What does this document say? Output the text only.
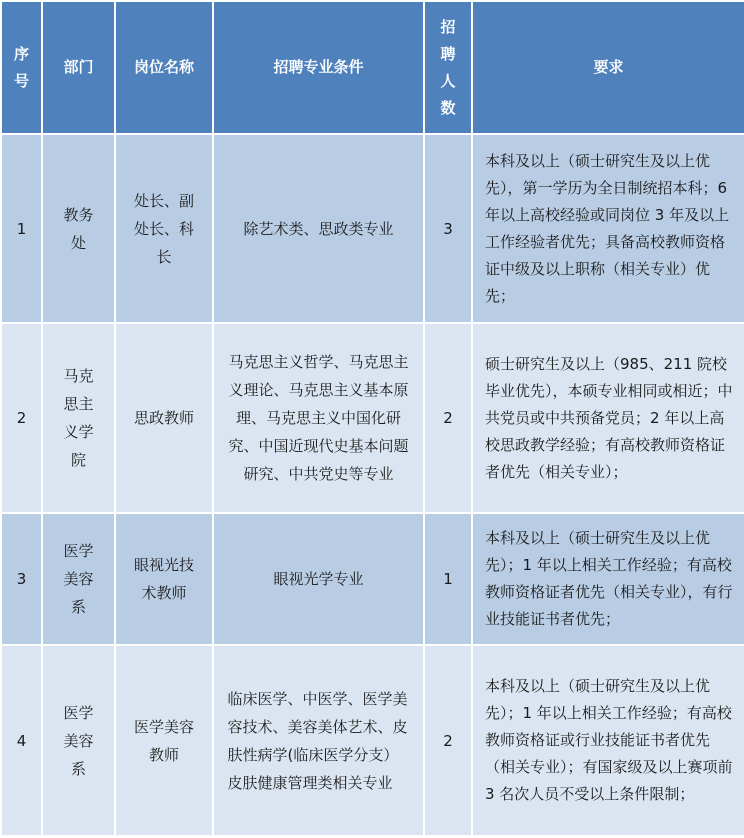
序号	部门	岗位名称	招聘专业条件	招聘人数	要求
1	教务处	处长、副处长、科长	除艺术类、思政类专业	3	本科及以上（硕士研究生及以上优先），第一学历为全日制统招本科；6 年以上高校经验或同岗位 3 年及以上工作经验者优先；具备高校教师资格证中级及以上职称（相关专业）优先；
2	马克思主义学院	思政教师	马克思主义哲学、马克思主义理论、马克思主义基本原理、马克思主义中国化研究、中国近现代史基本问题研究、中共党史等专业	2	硕士研究生及以上（985、211 院校毕业优先），本硕专业相同或相近；中共党员或中共预备党员；2 年以上高校思政教学经验；有高校教师资格证者优先（相关专业）；
3	医学美容系	眼视光技术教师	眼视光学专业	1	本科及以上（硕士研究生及以上优先）；1 年以上相关工作经验；有高校教师资格证者优先（相关专业），有行业技能证书者优先；
4	医学美容系	医学美容教师	临床医学、中医学、医学美容技术、美容美体艺术、皮肤性病学(临床医学分支）皮肤健康管理类相关专业	2	本科及以上（硕士研究生及以上优先）；1 年以上相关工作经验；有高校教师资格证或行业技能证书者优先（相关专业）；有国家级及以上赛项前 3 名次人员不受以上条件限制；
